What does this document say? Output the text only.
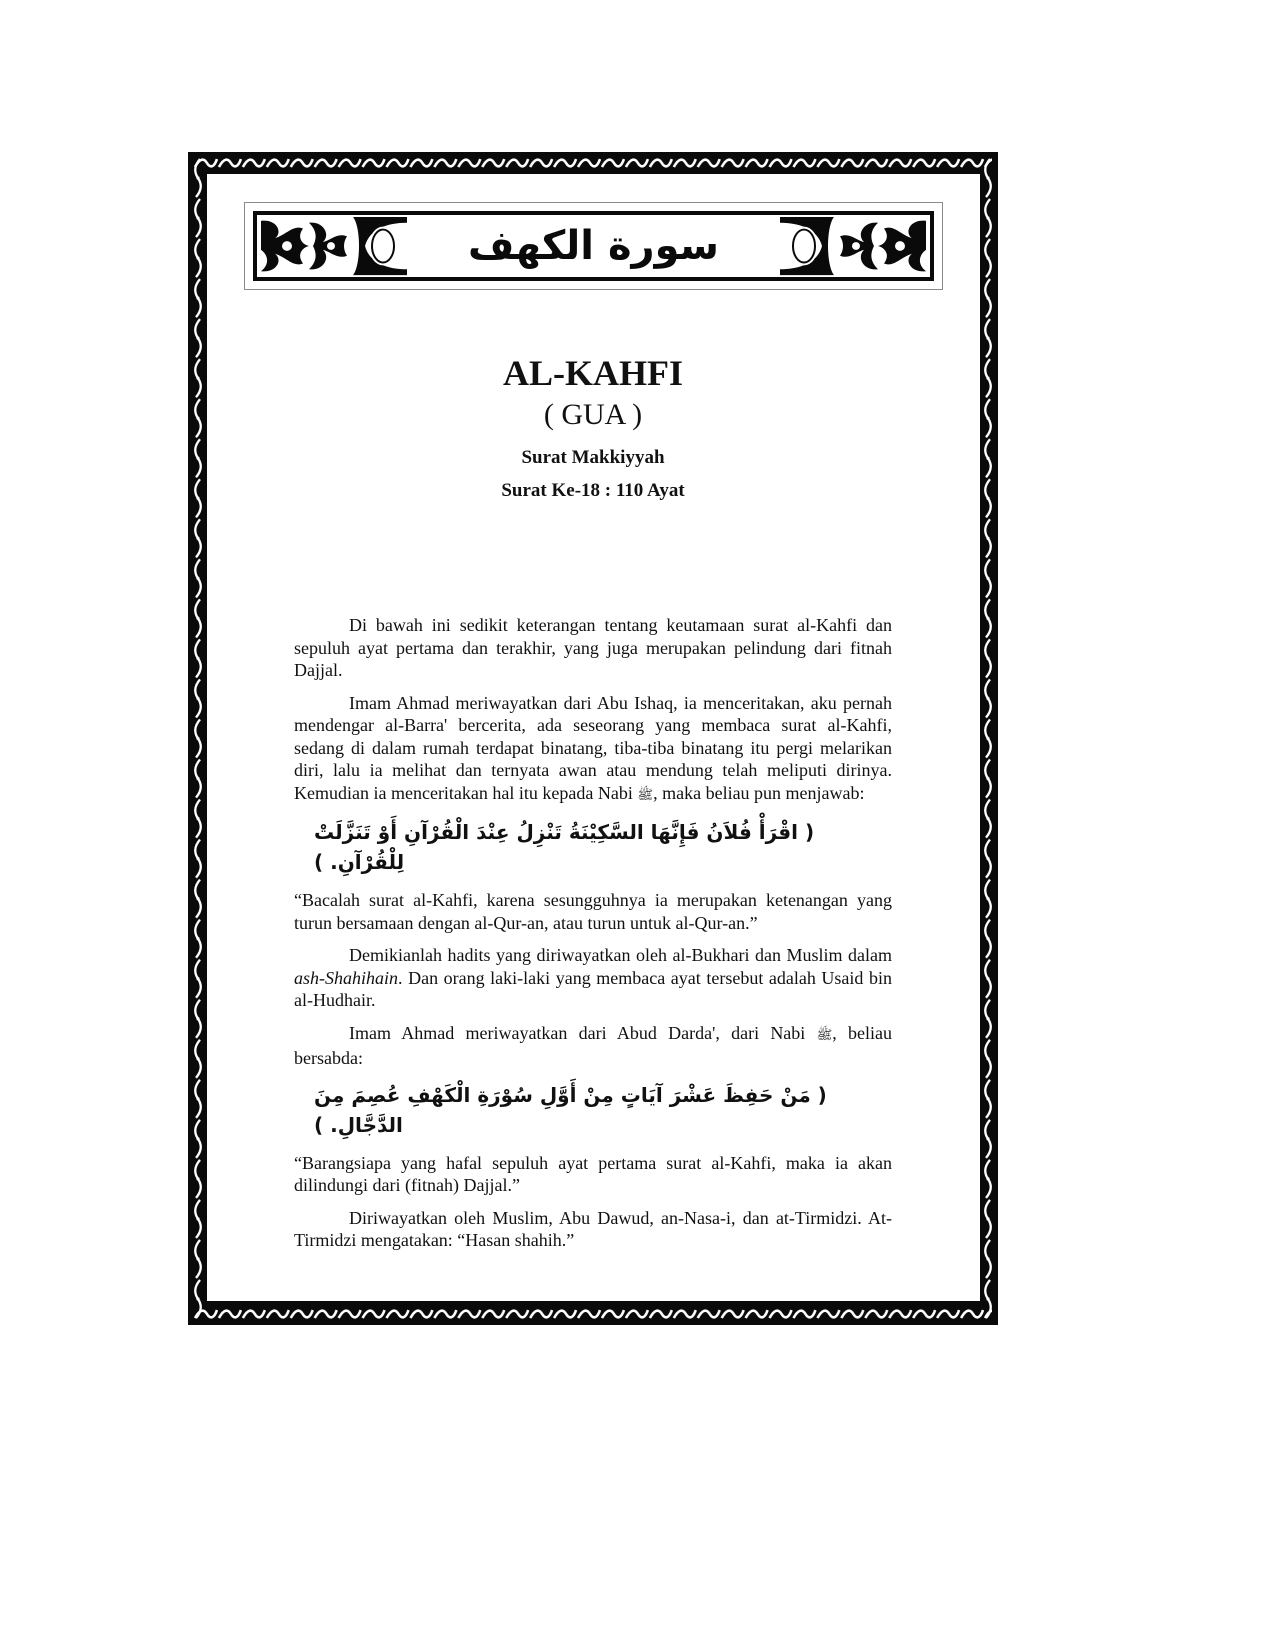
سورة الكهف
AL-KAHFI
( GUA )
Surat Makkiyyah
Surat Ke-18 : 110 Ayat

Di bawah ini sedikit keterangan tentang keutamaan surat al-Kahfi dan sepuluh ayat pertama dan terakhir, yang juga merupakan pelindung dari fitnah Dajjal.

Imam Ahmad meriwayatkan dari Abu Ishaq, ia menceritakan, aku pernah mendengar al-Barra' bercerita, ada seseorang yang membaca surat al-Kahfi, sedang di dalam rumah terdapat binatang, tiba-tiba binatang itu pergi melarikan diri, lalu ia melihat dan ternyata awan atau mendung telah meliputi dirinya. Kemudian ia menceritakan hal itu kepada Nabi ﷺ, maka beliau pun menjawab:

( اقْرَأْ فُلاَنُ فَإِنَّهَا السَّكِيْنَةُ تَنْزِلُ عِنْدَ الْقُرْآنِ أَوْ تَنَزَّلَتْ لِلْقُرْآنِ. )

“Bacalah surat al-Kahfi, karena sesungguhnya ia merupakan ketenangan yang turun bersamaan dengan al-Qur-an, atau turun untuk al-Qur-an.”

Demikianlah hadits yang diriwayatkan oleh al-Bukhari dan Muslim dalam ash-Shahihain. Dan orang laki-laki yang membaca ayat tersebut adalah Usaid bin al-Hudhair.

Imam Ahmad meriwayatkan dari Abud Darda', dari Nabi ﷺ, beliau bersabda:

( مَنْ حَفِظَ عَشْرَ آيَاتٍ مِنْ أَوَّلِ سُوْرَةِ الْكَهْفِ عُصِمَ مِنَ الدَّجَّالِ. )

“Barangsiapa yang hafal sepuluh ayat pertama surat al-Kahfi, maka ia akan dilindungi dari (fitnah) Dajjal.”

Diriwayatkan oleh Muslim, Abu Dawud, an-Nasa-i, dan at-Tirmidzi. At-Tirmidzi mengatakan: “Hasan shahih.”
